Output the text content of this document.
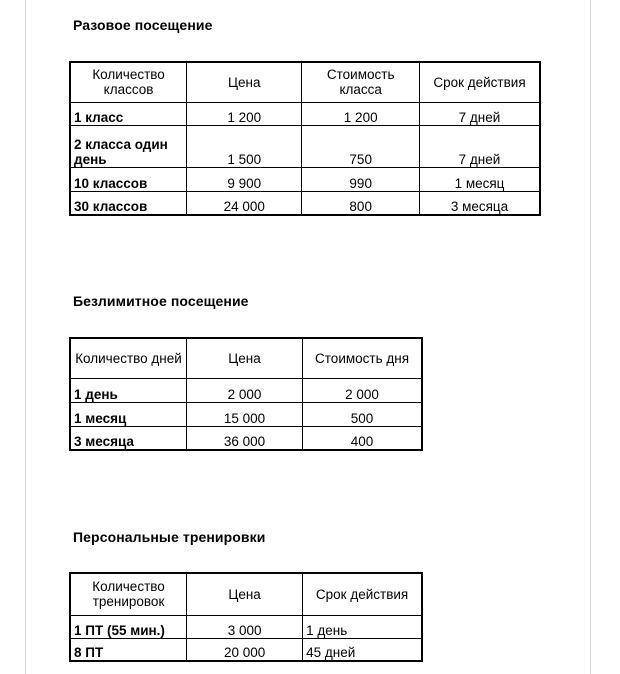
Разовое посещение
Количество классов	Цена	Стоимость класса	Срок действия
1 класс	1 200	1 200	7 дней
2 класса один день	1 500	750	7 дней
10 классов	9 900	990	1 месяц
30 классов	24 000	800	3 месяца
Безлимитное посещение
Количество дней	Цена	Стоимость дня
1 день	2 000	2 000
1 месяц	15 000	500
3 месяца	36 000	400
Персональные тренировки
Количество тренировок	Цена	Срок действия
1 ПТ (55 мин.)	3 000	1 день
8 ПТ	20 000	45 дней
